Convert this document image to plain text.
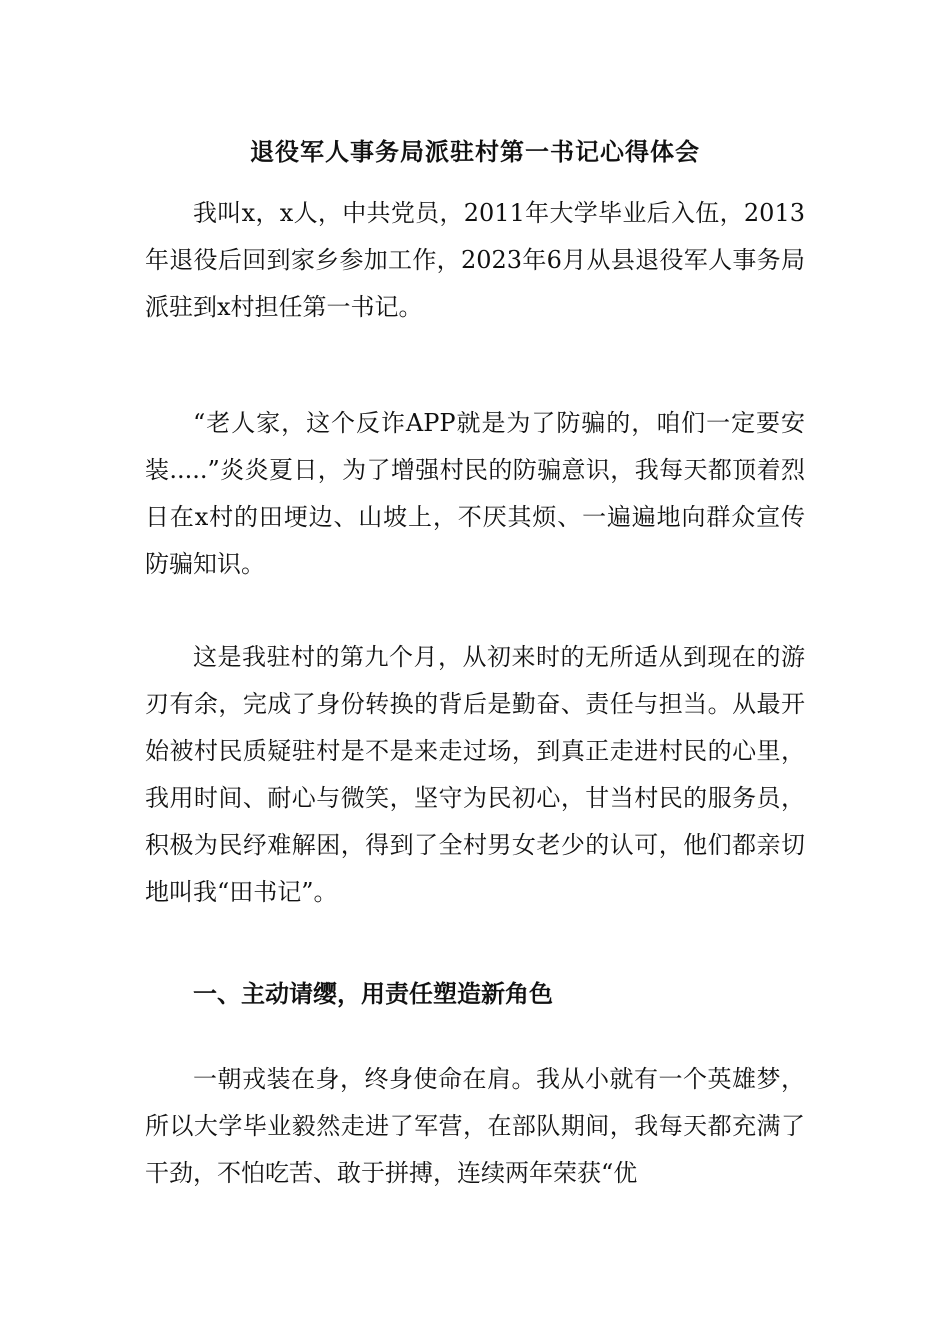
退役军人事务局派驻村第一书记心得体会

我叫x，x人，中共党员，2011年大学毕业后入伍，2013年退役后回到家乡参加工作，2023年6月从县退役军人事务局派驻到x村担任第一书记。

“老人家，这个反诈APP就是为了防骗的，咱们一定要安装.....”炎炎夏日，为了增强村民的防骗意识，我每天都顶着烈日在x村的田埂边、山坡上，不厌其烦、一遍遍地向群众宣传防骗知识。

这是我驻村的第九个月，从初来时的无所适从到现在的游刃有余，完成了身份转换的背后是勤奋、责任与担当。从最开始被村民质疑驻村是不是来走过场，到真正走进村民的心里，我用时间、耐心与微笑，坚守为民初心，甘当村民的服务员，积极为民纾难解困，得到了全村男女老少的认可，他们都亲切地叫我“田书记”。

一、主动请缨，用责任塑造新角色

一朝戎装在身，终身使命在肩。我从小就有一个英雄梦，所以大学毕业毅然走进了军营，在部队期间，我每天都充满了干劲，不怕吃苦、敢于拼搏，连续两年荣获“优
